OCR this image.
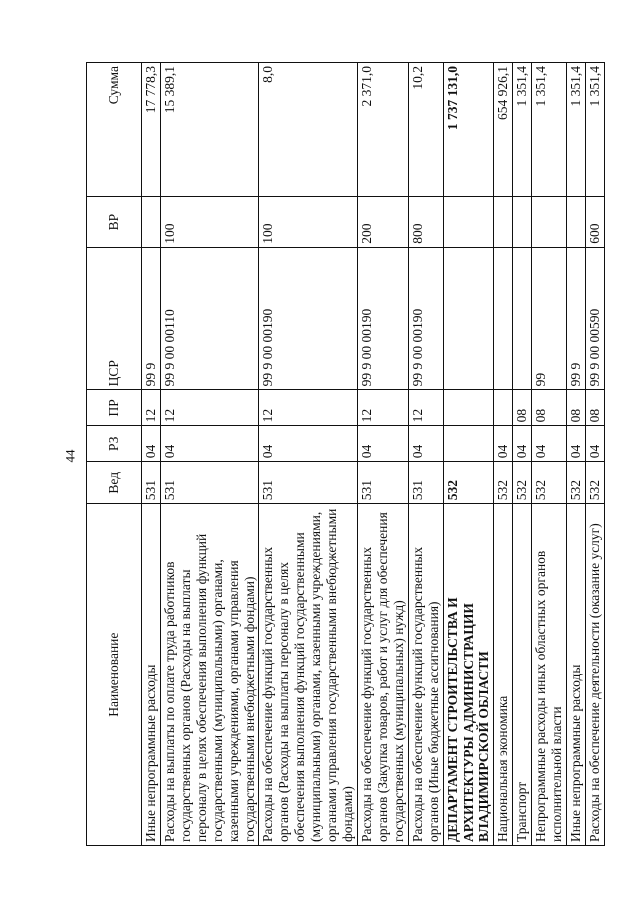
44
Наименование	Вед	РЗ	ПР	ЦСР	ВР	Сумма
Иные непрограммные расходы	531	04	12	99 9		17 778,3
Расходы на выплаты по оплате труда работников государственных органов (Расходы на выплаты персоналу в целях обеспечения выполнения функций государственными (муниципальными) органами, казенными учреждениями, органами управления государственными внебюджетными фондами)	531	04	12	99 9 00 00110	100	15 389,1
Расходы на обеспечение функций государственных органов (Расходы на выплаты персоналу в целях обеспечения выполнения функций государственными (муниципальными) органами, казенными учреждениями, органами управления государственными внебюджетными фондами)	531	04	12	99 9 00 00190	100	8,0
Расходы на обеспечение функций государственных органов (Закупка товаров, работ и услуг для обеспечения государственных (муниципальных) нужд)	531	04	12	99 9 00 00190	200	2 371,0
Расходы на обеспечение функций государственных органов (Иные бюджетные ассигнования)	531	04	12	99 9 00 00190	800	10,2
ДЕПАРТАМЕНТ СТРОИТЕЛЬСТВА И АРХИТЕКТУРЫ АДМИНИСТРАЦИИ ВЛАДИМИРСКОЙ ОБЛАСТИ	532					1 737 131,0
Национальная экономика	532	04				654 926,1
Транспорт	532	04	08			1 351,4
Непрограммные расходы иных областных органов исполнительной власти	532	04	08	99		1 351,4
Иные непрограммные расходы	532	04	08	99 9		1 351,4
Расходы на обеспечение деятельности (оказание услуг)	532	04	08	99 9 00 00590	600	1 351,4
